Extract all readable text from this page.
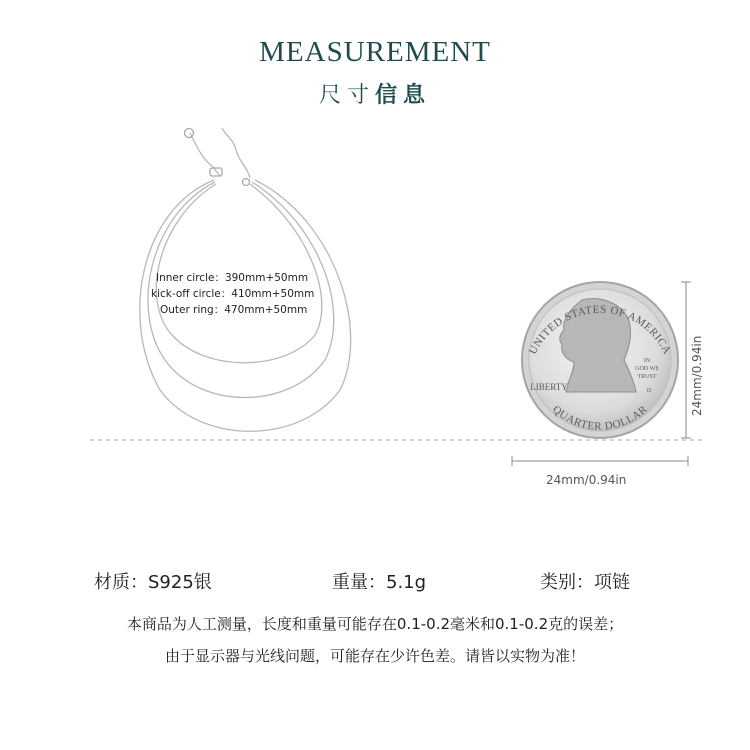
MEASUREMENT
尺寸信息
UNITED STATES OF AMERICA
QUARTER DOLLAR
LIBERTY
IN
GOD WE
TRUST
D
Inner circle：390mm+50mm
kick-off circle：410mm+50mm
Outer ring：470mm+50mm
24mm/0.94in
24mm/0.94in
材质：S925银	重量：5.1g	类别：项链
本商品为人工测量，长度和重量可能存在0.1-0.2毫米和0.1-0.2克的误差；
由于显示器与光线问题，可能存在少许色差。请皆以实物为准！
